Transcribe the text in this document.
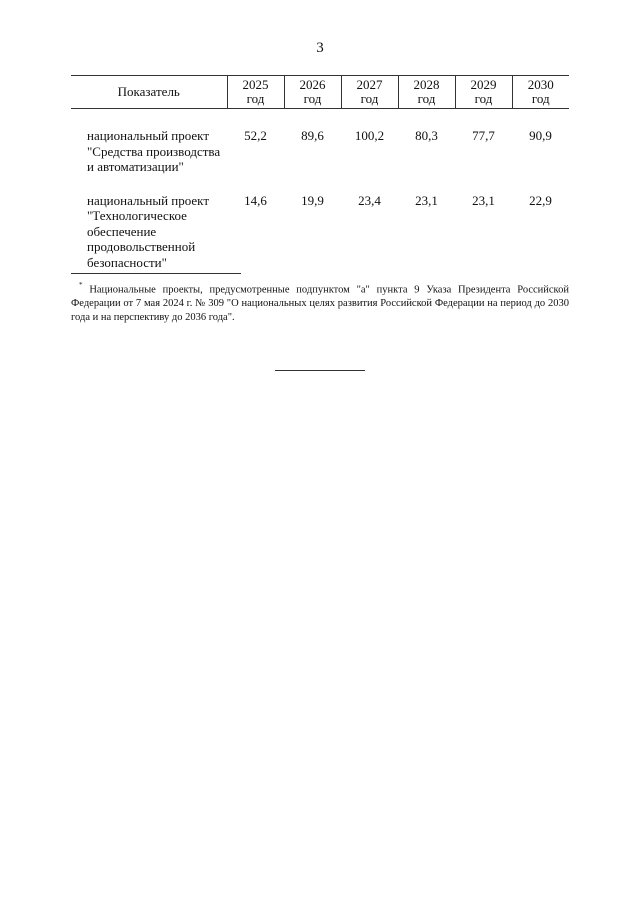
3
Показатель	2025
год	2026
год	2027
год	2028
год	2029
год	2030
год
национальный проект
"Средства производства
и автоматизации"	52,2	89,6	100,2	80,3	77,7	90,9
национальный проект
"Технологическое
обеспечение
продовольственной
безопасности"	14,6	19,9	23,4	23,1	23,1	22,9
* Национальные проекты, предусмотренные подпунктом "а" пункта 9 Указа Президента Российской Федерации от 7 мая 2024 г. № 309 "О национальных целях развития Российской Федерации на период до 2030 года и на перспективу до 2036 года".
